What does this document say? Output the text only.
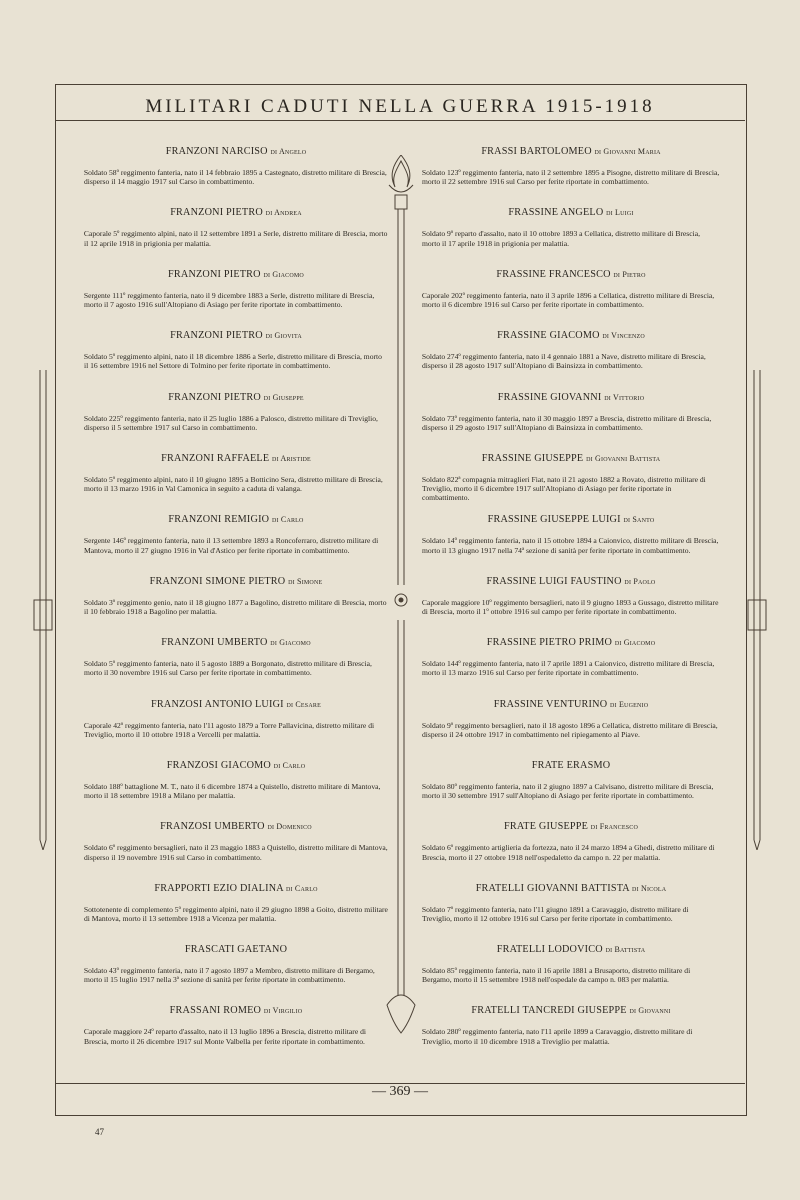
MILITARI CADUTI NELLA GUERRA 1915-1918
FRANZONI NARCISO di Angelo
Soldato 58º reggimento fanteria, nato il 14 febbraio 1895 a Castegnato, distretto militare di Brescia, disperso il 14 maggio 1917 sul Carso in combattimento.
FRANZONI PIETRO di Andrea
Caporale 5º reggimento alpini, nato il 12 settembre 1891 a Serle, distretto militare di Brescia, morto il 12 aprile 1918 in prigionia per malattia.
FRANZONI PIETRO di Giacomo
Sergente 111º reggimento fanteria, nato il 9 dicembre 1883 a Serle, distretto militare di Brescia, morto il 7 agosto 1916 sull'Altopiano di Asiago per ferite riportate in combattimento.
FRANZONI PIETRO di Giovita
Soldato 5º reggimento alpini, nato il 18 dicembre 1886 a Serle, distretto militare di Brescia, morto il 16 settembre 1916 nel Settore di Tolmino per ferite riportate in combattimento.
FRANZONI PIETRO di Giuseppe
Soldato 225º reggimento fanteria, nato il 25 luglio 1886 a Palosco, distretto militare di Treviglio, disperso il 5 settembre 1917 sul Carso in combattimento.
FRANZONI RAFFAELE di Aristide
Soldato 5º reggimento alpini, nato il 10 giugno 1895 a Botticino Sera, distretto militare di Brescia, morto il 13 marzo 1916 in Val Camonica in seguito a caduta di valanga.
FRANZONI REMIGIO di Carlo
Sergente 146º reggimento fanteria, nato il 13 settembre 1893 a Roncoferraro, distretto militare di Mantova, morto il 27 giugno 1916 in Val d'Astico per ferite riportate in combattimento.
FRANZONI SIMONE PIETRO di Simone
Soldato 3º reggimento genio, nato il 18 giugno 1877 a Bagolino, distretto militare di Brescia, morto il 10 febbraio 1918 a Bagolino per malattia.
FRANZONI UMBERTO di Giacomo
Soldato 5º reggimento fanteria, nato il 5 agosto 1889 a Borgonato, distretto militare di Brescia, morto il 30 novembre 1916 sul Carso per ferite riportate in combattimento.
FRANZOSI ANTONIO LUIGI di Cesare
Caporale 42º reggimento fanteria, nato l'11 agosto 1879 a Torre Pallavicina, distretto militare di Treviglio, morto il 10 ottobre 1918 a Vercelli per malattia.
FRANZOSI GIACOMO di Carlo
Soldato 188º battaglione M. T., nato il 6 dicembre 1874 a Quistello, distretto militare di Mantova, morto il 18 settembre 1918 a Milano per malattia.
FRANZOSI UMBERTO di Domenico
Soldato 6º reggimento bersaglieri, nato il 23 maggio 1883 a Quistello, distretto militare di Mantova, disperso il 19 novembre 1916 sul Carso in combattimento.
FRAPPORTI EZIO DIALINA di Carlo
Sottotenente di complemento 5º reggimento alpini, nato il 29 giugno 1898 a Goito, distretto militare di Mantova, morto il 13 settembre 1918 a Vicenza per malattia.
FRASCATI GAETANO
Soldato 43º reggimento fanteria, nato il 7 agosto 1897 a Membro, distretto militare di Bergamo, morto il 15 luglio 1917 nella 3ª sezione di sanità per ferite riportate in combattimento.
FRASSANI ROMEO di Virgilio
Caporale maggiore 24º reparto d'assalto, nato il 13 luglio 1896 a Brescia, distretto militare di Brescia, morto il 26 dicembre 1917 sul Monte Valbella per ferite riportate in combattimento.
FRASSI BARTOLOMEO di Giovanni Maria
Soldato 123º reggimento fanteria, nato il 2 settembre 1895 a Pisogne, distretto militare di Brescia, morto il 22 settembre 1916 sul Carso per ferite riportate in combattimento.
FRASSINE ANGELO di Luigi
Soldato 9º reparto d'assalto, nato il 10 ottobre 1893 a Cellatica, distretto militare di Brescia, morto il 17 aprile 1918 in prigionia per malattia.
FRASSINE FRANCESCO di Pietro
Caporale 202º reggimento fanteria, nato il 3 aprile 1896 a Cellatica, distretto militare di Brescia, morto il 6 dicembre 1916 sul Carso per ferite riportate in combattimento.
FRASSINE GIACOMO di Vincenzo
Soldato 274º reggimento fanteria, nato il 4 gennaio 1881 a Nave, distretto militare di Brescia, disperso il 28 agosto 1917 sull'Altopiano di Bainsizza in combattimento.
FRASSINE GIOVANNI di Vittorio
Soldato 73º reggimento fanteria, nato il 30 maggio 1897 a Brescia, distretto militare di Brescia, disperso il 29 agosto 1917 sull'Altopiano di Bainsizza in combattimento.
FRASSINE GIUSEPPE di Giovanni Battista
Soldato 822ª compagnia mitraglieri Fiat, nato il 21 agosto 1882 a Rovato, distretto militare di Treviglio, morto il 6 dicembre 1917 sull'Altopiano di Asiago per ferite riportate in combattimento.
FRASSINE GIUSEPPE LUIGI di Santo
Soldato 14º reggimento fanteria, nato il 15 ottobre 1894 a Caionvico, distretto militare di Brescia, morto il 13 giugno 1917 nella 74ª sezione di sanità per ferite riportate in combattimento.
FRASSINE LUIGI FAUSTINO di Paolo
Caporale maggiore 10º reggimento bersaglieri, nato il 9 giugno 1893 a Gussago, distretto militare di Brescia, morto il 1º ottobre 1916 sul campo per ferite riportate in combattimento.
FRASSINE PIETRO PRIMO di Giacomo
Soldato 144º reggimento fanteria, nato il 7 aprile 1891 a Caionvico, distretto militare di Brescia, morto il 13 marzo 1916 sul Carso per ferite riportate in combattimento.
FRASSINE VENTURINO di Eugenio
Soldato 9º reggimento bersaglieri, nato il 18 agosto 1896 a Cellatica, distretto militare di Brescia, disperso il 24 ottobre 1917 in combattimento nel ripiegamento al Piave.
FRATE ERASMO
Soldato 80º reggimento fanteria, nato il 2 giugno 1897 a Calvisano, distretto militare di Brescia, morto il 30 settembre 1917 sull'Altopiano di Asiago per ferite riportate in combattimento.
FRATE GIUSEPPE di Francesco
Soldato 6º reggimento artiglieria da fortezza, nato il 24 marzo 1894 a Ghedi, distretto militare di Brescia, morto il 27 ottobre 1918 nell'ospedaletto da campo n. 22 per malattia.
FRATELLI GIOVANNI BATTISTA di Nicola
Soldato 7º reggimento fanteria, nato l'11 giugno 1891 a Caravaggio, distretto militare di Treviglio, morto il 12 ottobre 1916 sul Carso per ferite riportate in combattimento.
FRATELLI LODOVICO di Battista
Soldato 85º reggimento fanteria, nato il 16 aprile 1881 a Brusaporto, distretto militare di Bergamo, morto il 15 settembre 1918 nell'ospedale da campo n. 083 per malattia.
FRATELLI TANCREDI GIUSEPPE di Giovanni
Soldato 280º reggimento fanteria, nato l'11 aprile 1899 a Caravaggio, distretto militare di Treviglio, morto il 10 dicembre 1918 a Treviglio per malattia.
— 369 —
47
